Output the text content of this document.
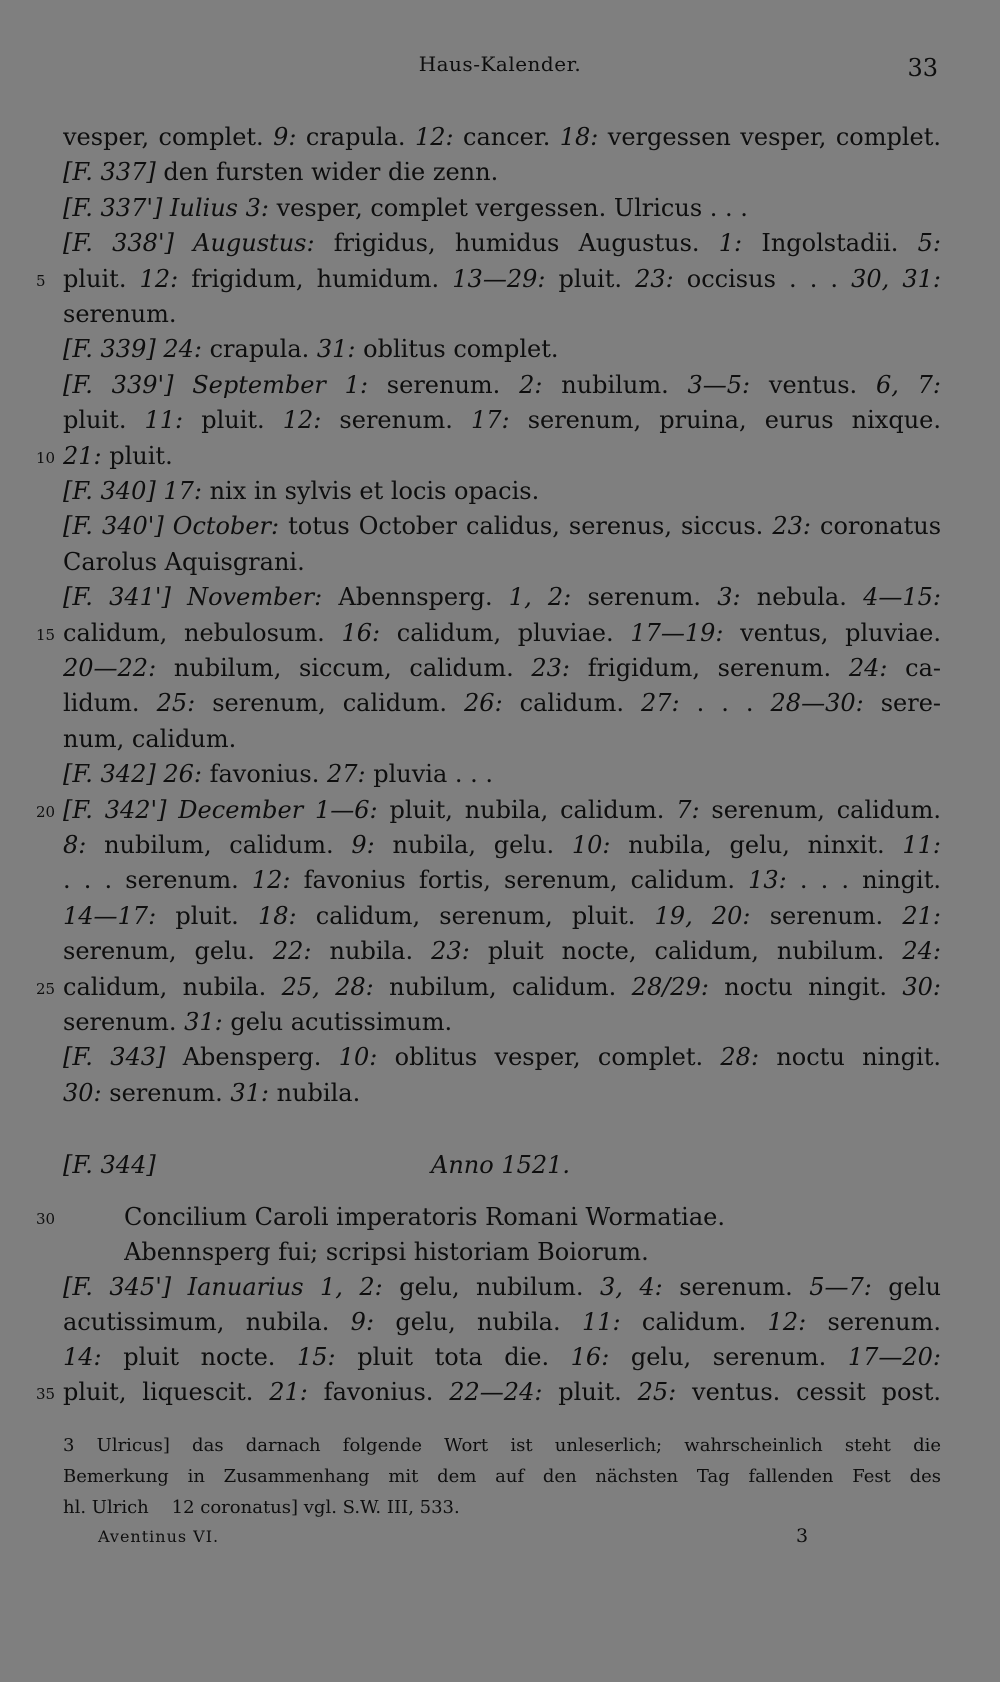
Haus-Kalender.	33
vesper, complet. 9: crapula. 12: cancer. 18: vergessen vesper, complet.
[F. 337] den fursten wider die zenn.
[F. 337'] Iulius 3: vesper, complet vergessen. Ulricus . . .
[F. 338'] Augustus: frigidus, humidus Augustus. 1: Ingolstadii. 5:
pluit. 12: frigidum, humidum. 13—29: pluit. 23: occisus . . . 30, 31:
5
serenum.
[F. 339] 24: crapula. 31: oblitus complet.
[F. 339'] September 1: serenum. 2: nubilum. 3—5: ventus. 6, 7:
pluit. 11: pluit. 12: serenum. 17: serenum, pruina, eurus nixque.
21: pluit.
10
[F. 340] 17: nix in sylvis et locis opacis.
[F. 340'] October: totus October calidus, serenus, siccus. 23: coronatus
Carolus Aquisgrani.
[F. 341'] November: Abennsperg. 1, 2: serenum. 3: nebula. 4—15:
calidum, nebulosum. 16: calidum, pluviae. 17—19: ventus, pluviae.
15
20—22: nubilum, siccum, calidum. 23: frigidum, serenum. 24: ca-
lidum. 25: serenum, calidum. 26: calidum. 27: . . . 28—30: sere-
num, calidum.
[F. 342] 26: favonius. 27: pluvia . . .
[F. 342'] December 1—6: pluit, nubila, calidum. 7: serenum, calidum.
20
8: nubilum, calidum. 9: nubila, gelu. 10: nubila, gelu, ninxit. 11:
. . . serenum. 12: favonius fortis, serenum, calidum. 13: . . . ningit.
14—17: pluit. 18: calidum, serenum, pluit. 19, 20: serenum. 21:
serenum, gelu. 22: nubila. 23: pluit nocte, calidum, nubilum. 24:
calidum, nubila. 25, 28: nubilum, calidum. 28/29: noctu ningit. 30:
25
serenum. 31: gelu acutissimum.
[F. 343] Abensperg. 10: oblitus vesper, complet. 28: noctu ningit.
30: serenum. 31: nubila.
[F. 344]	Anno 1521.
Concilium Caroli imperatoris Romani Wormatiae.
30
Abennsperg fui; scripsi historiam Boiorum.
[F. 345'] Ianuarius 1, 2: gelu, nubilum. 3, 4: serenum. 5—7: gelu
acutissimum, nubila. 9: gelu, nubila. 11: calidum. 12: serenum.
14: pluit nocte. 15: pluit tota die. 16: gelu, serenum. 17—20:
pluit, liquescit. 21: favonius. 22—24: pluit. 25: ventus. cessit post.
35
3 Ulricus] das darnach folgende Wort ist unleserlich; wahrscheinlich steht die
Bemerkung in Zusammenhang mit dem auf den nächsten Tag fallenden Fest des
hl. Ulrich    12 coronatus] vgl. S.W. III, 533.
Aventinus VI.	3
